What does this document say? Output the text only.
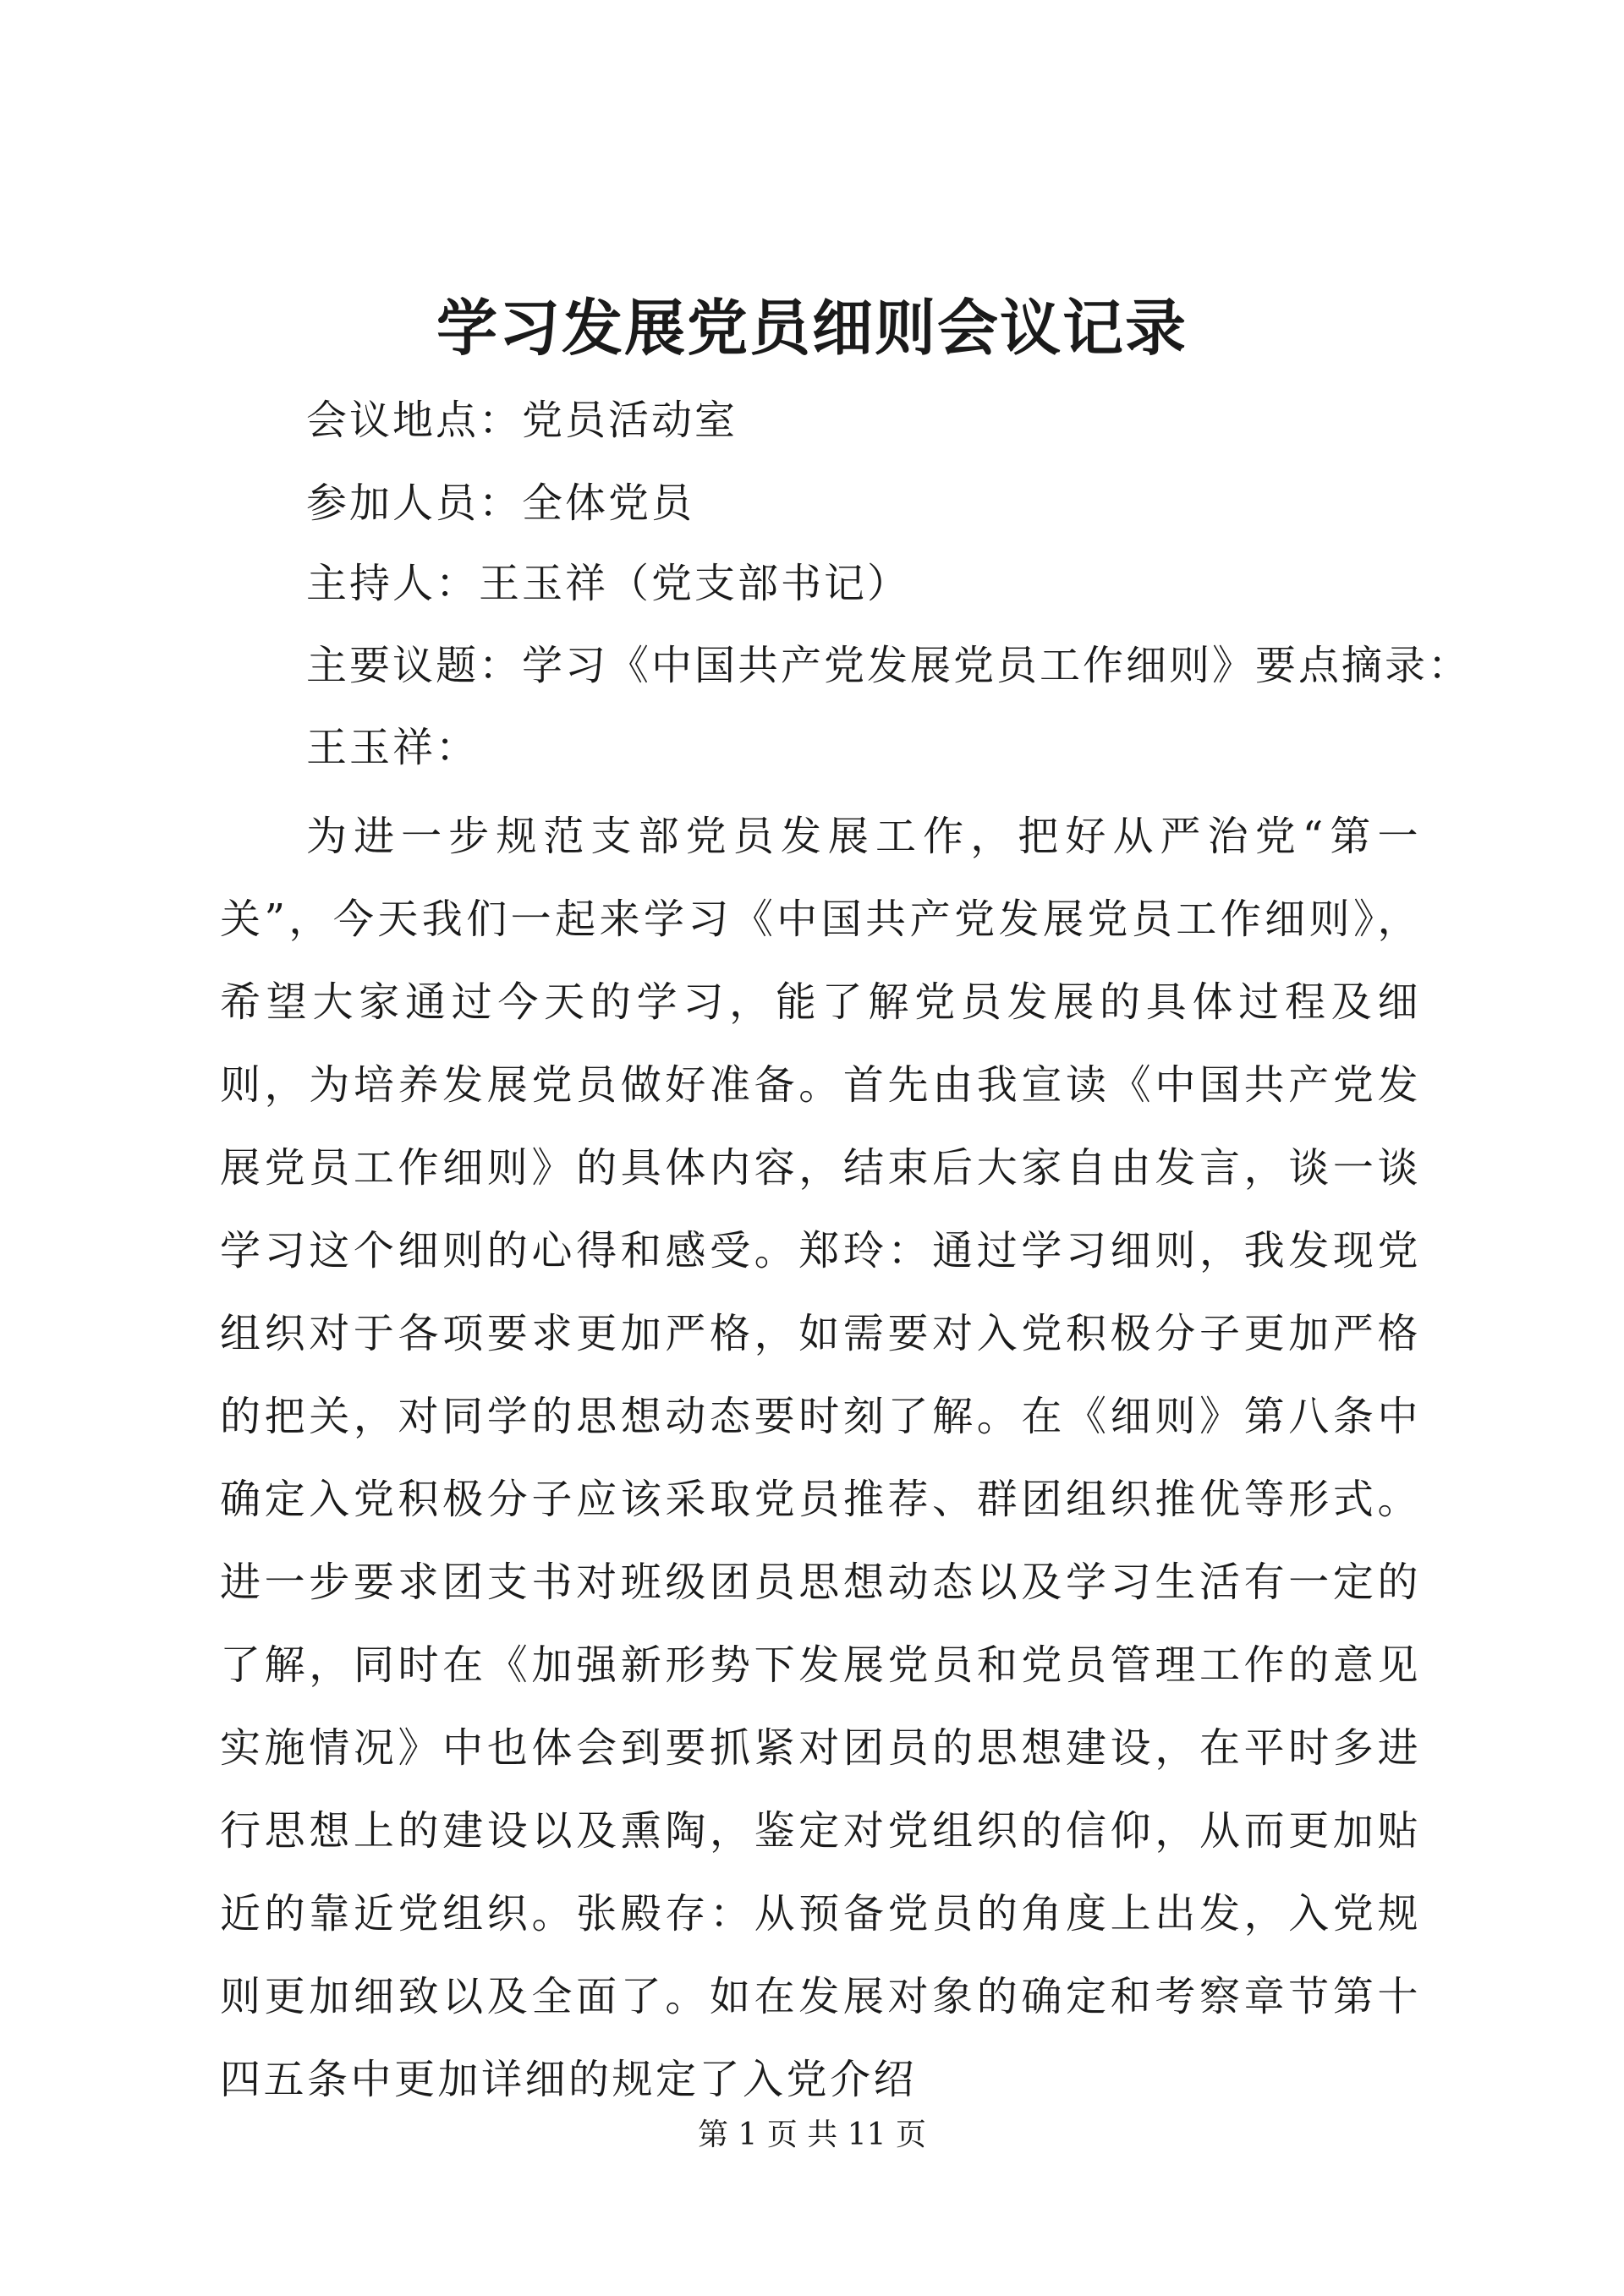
学习发展党员细则会议记录

会议地点：党员活动室

参加人员：全体党员

主持人：王玉祥（党支部书记）

主要议题：学习《中国共产党发展党员工作细则》要点摘录：

王玉祥：

为进一步规范支部党员发展工作，把好从严治党“第一关”，今天我们一起来学习《中国共产党发展党员工作细则》，希望大家通过今天的学习，能了解党员发展的具体过程及细则，为培养发展党员做好准备。首先由我宣读《中国共产党发展党员工作细则》的具体内容，结束后大家自由发言，谈一谈学习这个细则的心得和感受。郑玲：通过学习细则，我发现党组织对于各项要求更加严格，如需要对入党积极分子更加严格的把关，对同学的思想动态要时刻了解。在《细则》第八条中确定入党积极分子应该采取党员推荐、群团组织推优等形式。进一步要求团支书对班级团员思想动态以及学习生活有一定的了解，同时在《加强新形势下发展党员和党员管理工作的意见实施情况》中也体会到要抓紧对团员的思想建设，在平时多进行思想上的建设以及熏陶，鉴定对党组织的信仰，从而更加贴近的靠近党组织。张殿存：从预备党员的角度上出发，入党规则更加细致以及全面了。如在发展对象的确定和考察章节第十四五条中更加详细的规定了入党介绍

第 1 页 共 11 页
